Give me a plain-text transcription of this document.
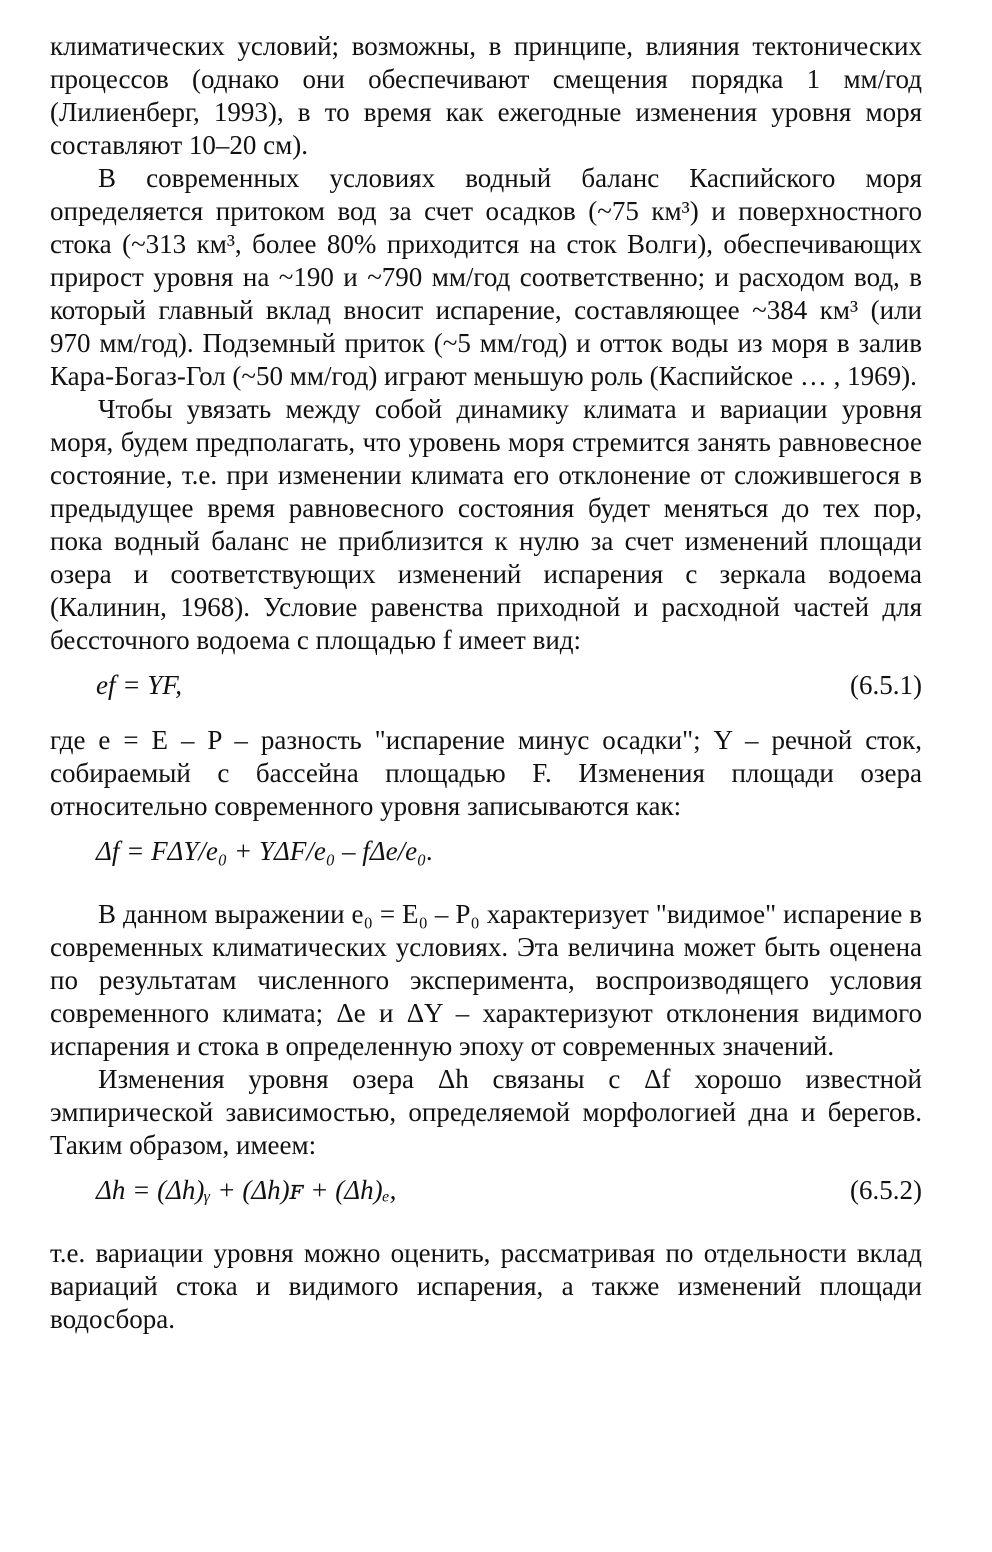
климатических условий; возможны, в принципе, влияния тектонических процессов (однако они обеспечивают смещения порядка 1 мм/год (Лилиенберг, 1993), в то время как ежегодные изменения уровня моря составляют 10–20 см).

В современных условиях водный баланс Каспийского моря определяется притоком вод за счет осадков (~75 км³) и поверхностного стока (~313 км³, более 80% приходится на сток Волги), обеспечивающих прирост уровня на ~190 и ~790 мм/год соответственно; и расходом вод, в который главный вклад вносит испарение, составляющее ~384 км³ (или 970 мм/год). Подземный приток (~5 мм/год) и отток воды из моря в залив Кара-Богаз-Гол (~50 мм/год) играют меньшую роль (Каспийское … , 1969).

Чтобы увязать между собой динамику климата и вариации уровня моря, будем предполагать, что уровень моря стремится занять равновесное состояние, т.е. при изменении климата его отклонение от сложившегося в предыдущее время равновесного состояния будет меняться до тех пор, пока водный баланс не приблизится к нулю за счет изменений площади озера и соответствующих изменений испарения с зеркала водоема (Калинин, 1968). Условие равенства приходной и расходной частей для бессточного водоема с площадью f имеет вид:

ef = YF,	(6.5.1)

где e = E – P – разность "испарение минус осадки"; Y – речной сток, собираемый с бассейна площадью F. Изменения площади озера относительно современного уровня записываются как:

Δf = FΔY/e₀ + YΔF/e₀ – fΔe/e₀.

В данном выражении e₀ = E₀ – P₀ характеризует "видимое" испарение в современных климатических условиях. Эта величина может быть оценена по результатам численного эксперимента, воспроизводящего условия современного климата; Δe и ΔY – характеризуют отклонения видимого испарения и стока в определенную эпоху от современных значений.

Изменения уровня озера Δh связаны с Δf хорошо известной эмпирической зависимостью, определяемой морфологией дна и берегов. Таким образом, имеем:

Δh = (Δh)ᵧ + (Δh)ꜰ + (Δh)ₑ,	(6.5.2)

т.е. вариации уровня можно оценить, рассматривая по отдельности вклад вариаций стока и видимого испарения, а также изменений площади водосбора.
